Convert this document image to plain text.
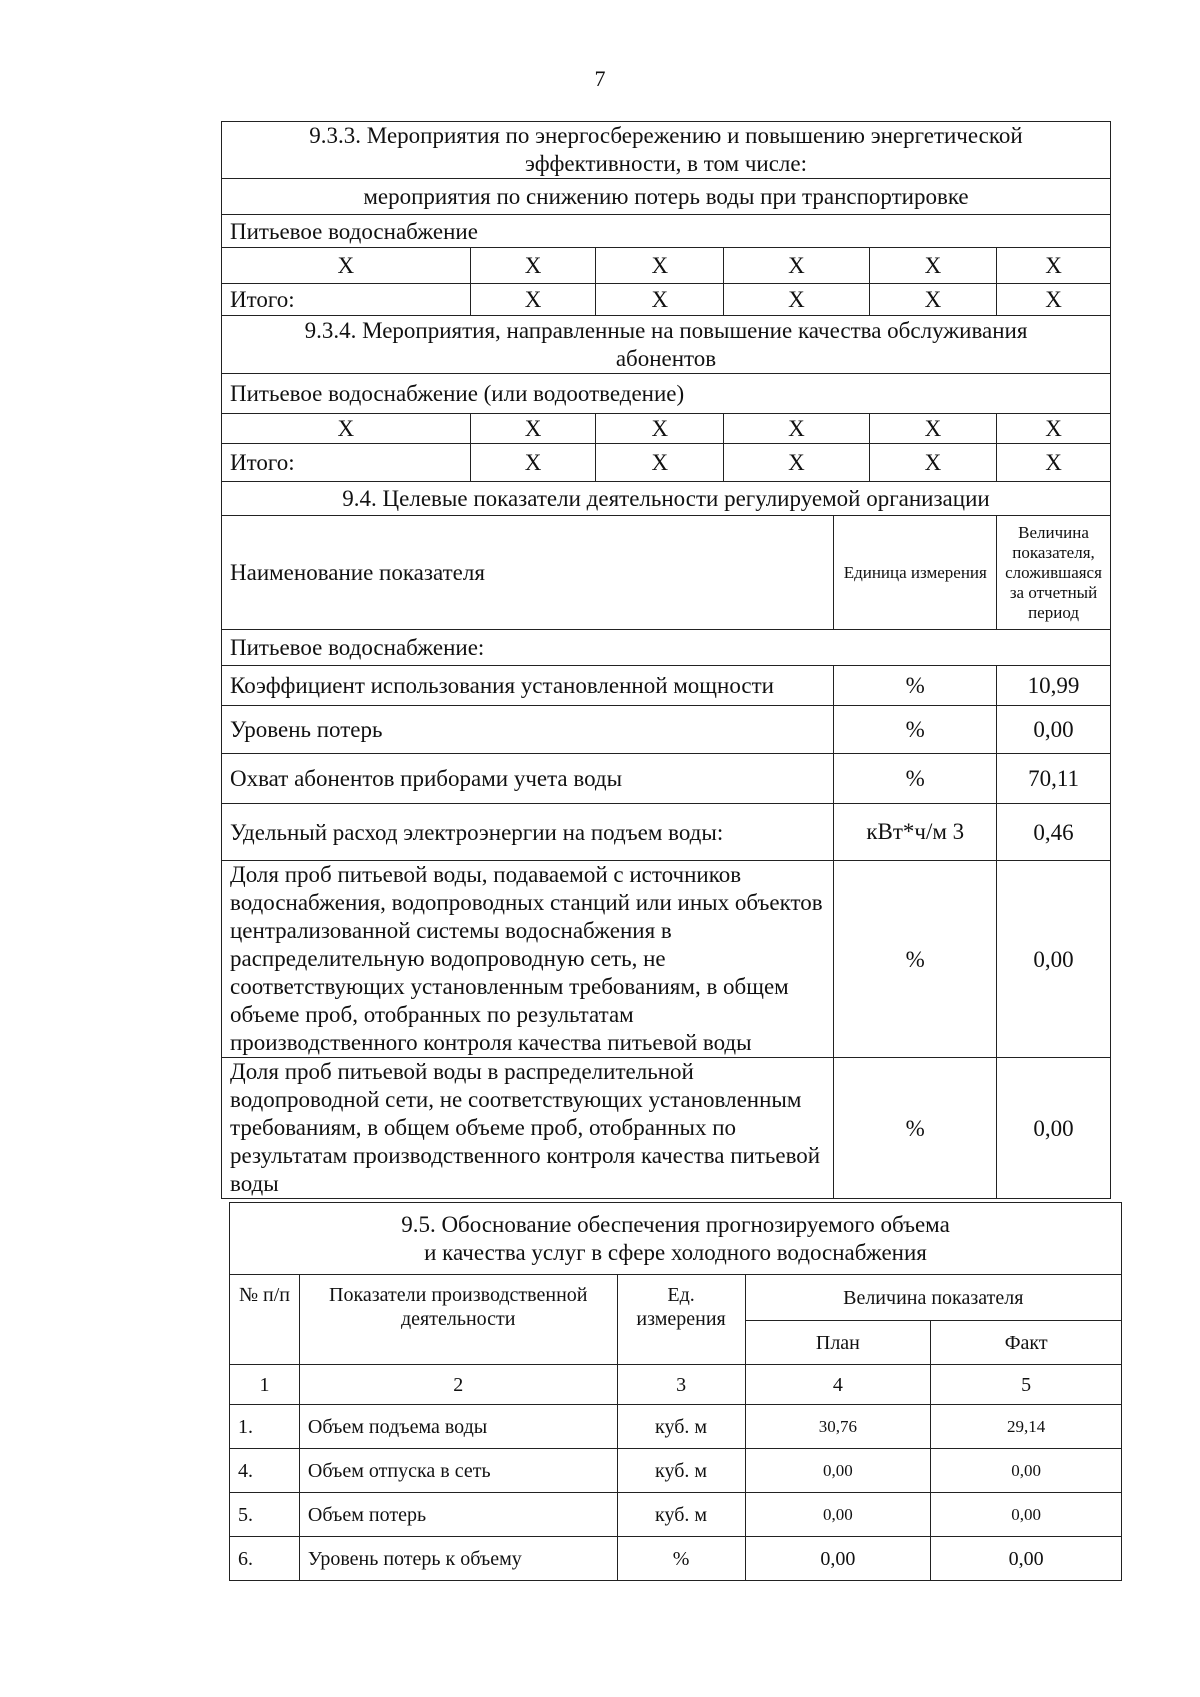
7
9.3.3. Мероприятия по энергосбережению и повышению энергетической
эффективности, в том числе:						

мероприятия по снижению потерь воды при транспортировке						
Питьевое водоснабжение						
X	X	X	X		X	X
Итого:	X	X	X		X	X

9.3.4. Мероприятия, направленные на повышение качества обслуживания
абонентов						

Питьевое водоснабжение (или водоотведение)						
X	X	X	X		X	X
Итого:	X	X	X		X	X
9.4. Целевые показатели деятельности регулируемой организации						
Наименование показателя				Единица измерения		Величина показателя, сложившаяся за отчетный период
Питьевое водоснабжение:						
Коэффициент использования установленной мощности				%		10,99
Уровень потерь				%		0,00
Охват абонентов приборами учета воды				%		70,11
Удельный расход электроэнергии на подъем воды:				кВт*ч/м 3		0,46
Доля проб питьевой воды, подаваемой с источников водоснабжения, водопроводных станций или иных объектов централизованной системы водоснабжения в распределительную водопроводную сеть, не соответствующих установленным требованиям, в общем объеме проб, отобранных по результатам производственного контроля качества питьевой воды				%		0,00
Доля проб питьевой воды в распределительной водопроводной сети, не соответствующих установленным требованиям, в общем объеме проб, отобранных по результатам производственного контроля качества питьевой воды				%		0,00
9.5. Обоснование обеспечения прогнозируемого объема
и качества услуг в сфере холодного водоснабжения				

№ п/п	Показатели производственной деятельности	Ед. измерения	Величина показателя	
			План	Факт
1	2	3	4	5
1.	Объем подъема воды	куб. м	30,76	29,14
4.	Объем отпуска в сеть	куб. м	0,00	0,00
5.	Объем потерь	куб. м	0,00	0,00
6.	Уровень потерь к объему	%	0,00	0,00
